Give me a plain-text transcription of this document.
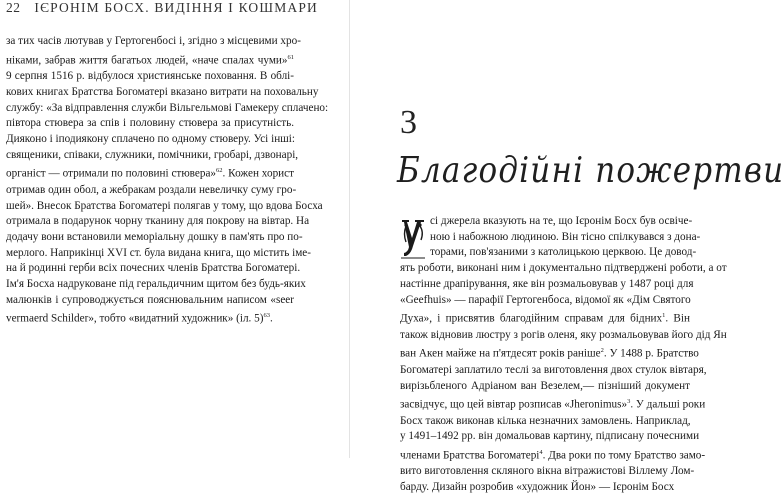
22 ІЄРОНІМ БОСХ. ВИДІННЯ І КОШМАРИ
за тих часів лютував у Гертогенбосі і, згідно з місцевими хро-
ніками, забрав життя багатьох людей, «наче спалах чуми»$^{61}$
9 серпня 1516 р. відбулося християнське поховання. В облі-
кових книгах Братства Богоматері вказано витрати на поховальну
службу: «За відправлення служби Вільгельмові Гамекеру сплачено:
півтора стювера за спів і половину стювера за присутність.
Дияконо і іподиякону сплачено по одному стюверу. Усі інші:
священики, співаки, служники, помічники, гробарі, дзвонарі,
органіст — отримали по половині стювера»$^{62}$. Кожен хорист
отримав один обол, а жебракам роздали невеличку суму гро-
шей». Внесок Братства Богоматері полягав у тому, що вдова Босха
отримала в подарунок чорну тканину для покрову на вівтар. На
додачу вони встановили меморіальну дошку в пам'ять про по-
мерлого. Наприкінці XVI ст. була видана книга, що містить іме-
на й родинні герби всіх почесних членів Братства Богоматері.
Ім'я Босха надруковане під геральдичним щитом без будь-яких
малюнків і супроводжується пояснювальним написом «seer
vermaerd Schilder», тобто «видатний художник» (іл. 5)$^{63}$.
3
Благодійні пожертви
сі джерела вказують на те, що Ієронім Босх був освіче-
ною і набожною людиною. Він тісно спілкувався з дона-
торами, пов'язаними з католицькою церквою. Це довод-
ять роботи, виконані ним і документально підтверджені роботи, а от
настінне драпірування, яке він розмальовував у 1487 році для
«Geefhuis» — парафії Гертогенбоса, відомої як «Дім Святого
Духа», і присвятив благодійним справам для бідних$^1$. Він
також відновив люстру з рогів оленя, яку розмальовував його дід Ян
ван Акен майже на п'ятдесят років раніше$^2$. У 1488 р. Братство
Богоматері заплатило теслі за виготовлення двох стулок вівтаря,
вирізьбленого Адріаном ван Везелем,— пізніший документ
засвідчує, що цей вівтар розписав «Jheronimus»$^3$. У дальші роки
Босх також виконав кілька незначних замовлень. Наприклад,
у 1491–1492 рр. він домальовав картину, підписану почесними
членами Братства Богоматері$^4$. Два роки по тому Братство замо-
вито виготовлення скляного вікна вітражистові Віллему Лом-
барду. Дизайн розробив «художник Йон» — Ієронім Босх
